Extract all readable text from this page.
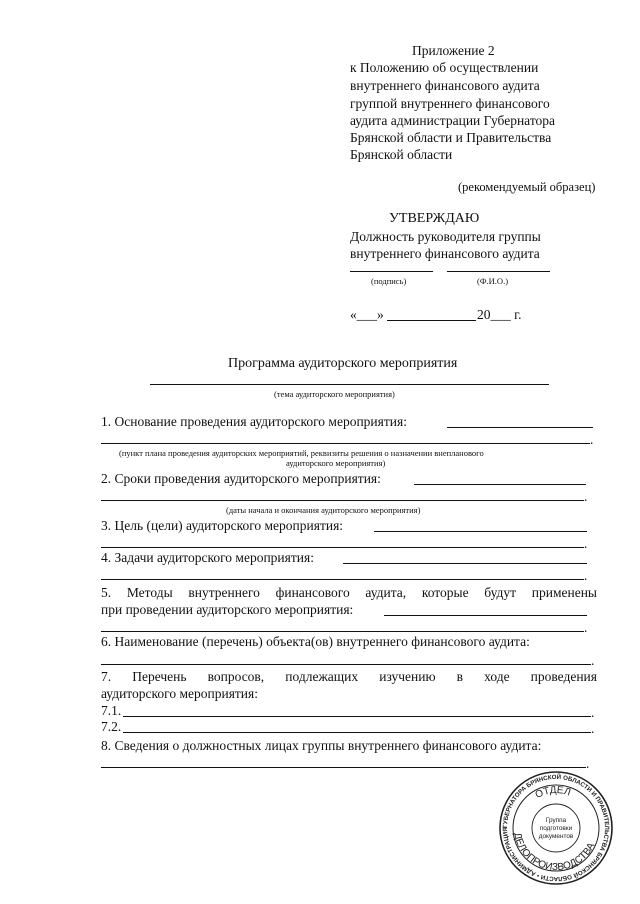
Приложение 2
к Положению об осуществлении
внутреннего финансового аудита
группой внутреннего финансового
аудита администрации Губернатора
Брянской области и Правительства
Брянской области
(рекомендуемый образец)
УТВЕРЖДАЮ
Должность руководителя группы
внутреннего финансового аудита
(подпись)	(Ф.И.О.)
«___»	20___ г.
Программа аудиторского мероприятия
(тема аудиторского мероприятия)
1. Основание проведения аудиторского мероприятия:
.
(пункт плана проведения аудиторских мероприятий, реквизиты решения о назначении внепланового
аудиторского мероприятия)
2. Сроки проведения аудиторского мероприятия:
.
(даты начала и окончания аудиторского мероприятия)
3. Цель (цели) аудиторского мероприятия:
.
4. Задачи аудиторского мероприятия:
.
5. Методы внутреннего финансового аудита, которые будут применены
при проведении аудиторского мероприятия:
.
6. Наименование (перечень) объекта(ов) внутреннего финансового аудита:
.
7. Перечень вопросов, подлежащих изучению в ходе проведения
аудиторского мероприятия:
7.1.	.
7.2.	.
8. Сведения о должностных лицах группы внутреннего финансового аудита:
.
ГУБЕРНАТОРА БРЯНСКОЙ ОБЛАСТИ И ПРАВИТЕЛЬСТВА БРЯНСКОЙ ОБЛАСТИ • АДМИНИСТРАЦИЯ
ОТДЕЛ
ДЕЛОПРОИЗВОДСТВА
Группа
подготовки
документов
